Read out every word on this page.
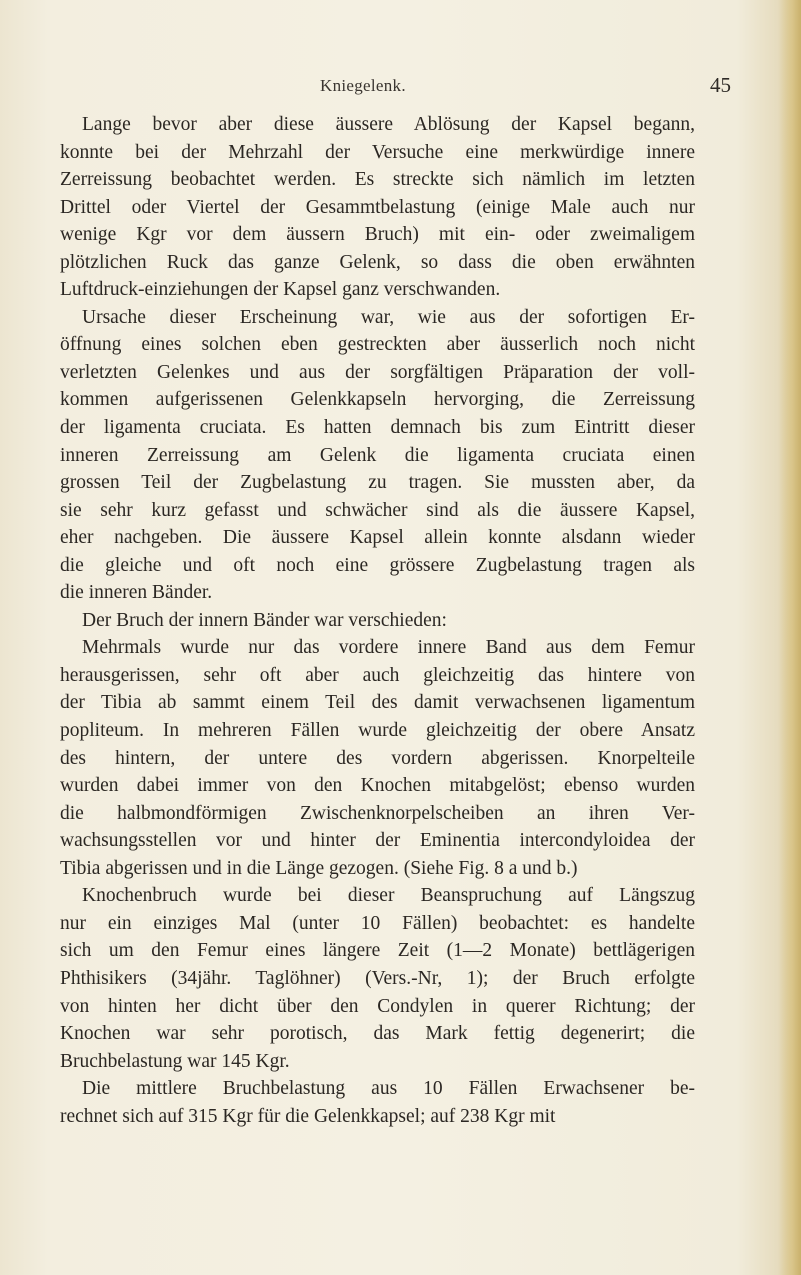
Kniegelenk.	45

Lange bevor aber diese äussere Ablösung der Kapsel begann,
konnte bei der Mehrzahl der Versuche eine merkwürdige innere
Zerreissung beobachtet werden. Es streckte sich nämlich im letzten
Drittel oder Viertel der Gesammtbelastung (einige Male auch nur
wenige Kgr vor dem äussern Bruch) mit ein- oder zweimaligem
plötzlichen Ruck das ganze Gelenk, so dass die oben erwähnten
Luftdruck-einziehungen der Kapsel ganz verschwanden.

Ursache dieser Erscheinung war, wie aus der sofortigen Er-
öffnung eines solchen eben gestreckten aber äusserlich noch nicht
verletzten Gelenkes und aus der sorgfältigen Präparation der voll-
kommen aufgerissenen Gelenkkapseln hervorging, die Zerreissung
der ligamenta cruciata. Es hatten demnach bis zum Eintritt dieser
inneren Zerreissung am Gelenk die ligamenta cruciata einen
grossen Teil der Zugbelastung zu tragen. Sie mussten aber, da
sie sehr kurz gefasst und schwächer sind als die äussere Kapsel,
eher nachgeben. Die äussere Kapsel allein konnte alsdann wieder
die gleiche und oft noch eine grössere Zugbelastung tragen als
die inneren Bänder.

Der Bruch der innern Bänder war verschieden:

Mehrmals wurde nur das vordere innere Band aus dem Femur
herausgerissen, sehr oft aber auch gleichzeitig das hintere von
der Tibia ab sammt einem Teil des damit verwachsenen ligamentum
popliteum. In mehreren Fällen wurde gleichzeitig der obere Ansatz
des hintern, der untere des vordern abgerissen. Knorpelteile
wurden dabei immer von den Knochen mitabgelöst; ebenso wurden
die halbmondförmigen Zwischenknorpelscheiben an ihren Ver-
wachsungsstellen vor und hinter der Eminentia intercondyloidea der
Tibia abgerissen und in die Länge gezogen. (Siehe Fig. 8 a und b.)

Knochenbruch wurde bei dieser Beanspruchung auf Längszug
nur ein einziges Mal (unter 10 Fällen) beobachtet: es handelte
sich um den Femur eines längere Zeit (1—2 Monate) bettlägerigen
Phthisikers (34jähr. Taglöhner) (Vers.-Nr, 1); der Bruch erfolgte
von hinten her dicht über den Condylen in querer Richtung; der
Knochen war sehr porotisch, das Mark fettig degenerirt; die
Bruchbelastung war 145 Kgr.

Die mittlere Bruchbelastung aus 10 Fällen Erwachsener be-
rechnet sich auf 315 Kgr für die Gelenkkapsel; auf 238 Kgr mit
